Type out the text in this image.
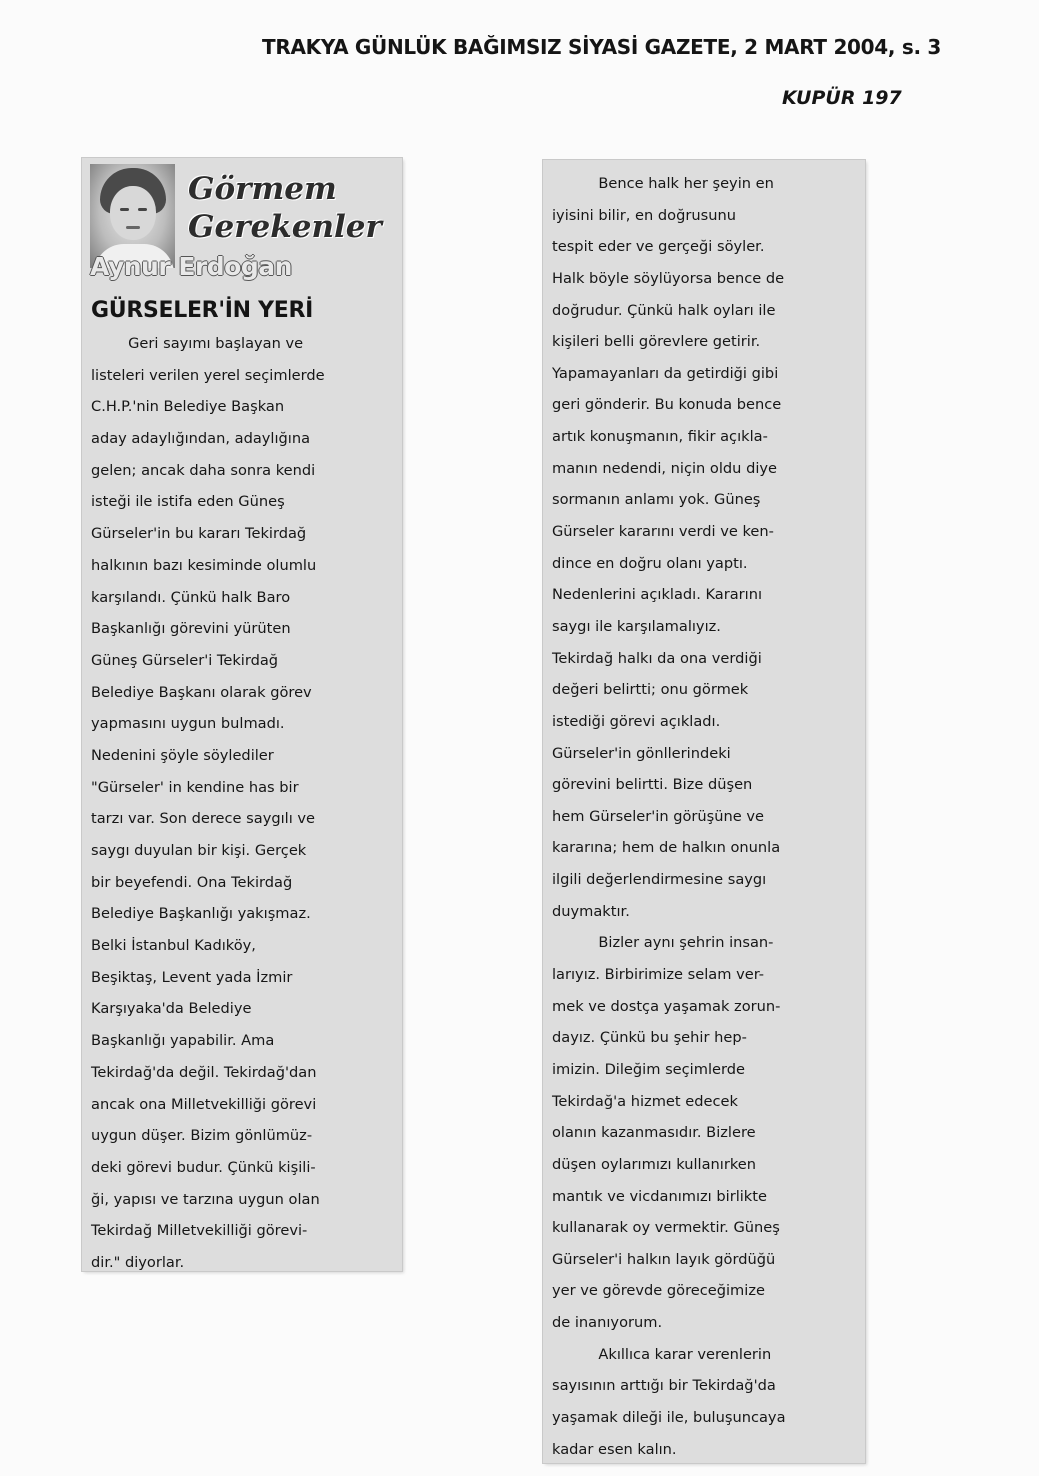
TRAKYA GÜNLÜK BAĞIMSIZ SİYASİ GAZETE, 2 MART 2004, s. 3
KUPÜR 197
Görmem
Gerekenler
Aynur Erdoğan
GÜRSELER'İN YERİ
Geri sayımı başlayan ve
listeleri verilen yerel seçimlerde
C.H.P.'nin Belediye Başkan
aday adaylığından, adaylığına
gelen; ancak daha sonra kendi
isteği ile istifa eden Güneş
Gürseler'in bu kararı Tekirdağ
halkının bazı kesiminde olumlu
karşılandı. Çünkü halk Baro
Başkanlığı görevini yürüten
Güneş Gürseler'i Tekirdağ
Belediye Başkanı olarak görev
yapmasını uygun bulmadı.
Nedenini şöyle söylediler
"Gürseler' in kendine has bir
tarzı var. Son derece saygılı ve
saygı duyulan bir kişi. Gerçek
bir beyefendi. Ona Tekirdağ
Belediye Başkanlığı yakışmaz.
Belki İstanbul Kadıköy,
Beşiktaş, Levent yada İzmir
Karşıyaka'da Belediye
Başkanlığı yapabilir. Ama
Tekirdağ'da değil. Tekirdağ'dan
ancak ona Milletvekilliği görevi
uygun düşer. Bizim gönlümüz-
deki görevi budur. Çünkü kişili-
ği, yapısı ve tarzına uygun olan
Tekirdağ Milletvekilliği görevi-
dir." diyorlar.
Bence halk her şeyin en
iyisini bilir, en doğrusunu
tespit eder ve gerçeği söyler.
Halk böyle söylüyorsa bence de
doğrudur. Çünkü halk oyları ile
kişileri belli görevlere getirir.
Yapamayanları da getirdiği gibi
geri gönderir. Bu konuda bence
artık konuşmanın, fikir açıkla-
manın nedendi, niçin oldu diye
sormanın anlamı yok. Güneş
Gürseler kararını verdi ve ken-
dince en doğru olanı yaptı.
Nedenlerini açıkladı. Kararını
saygı ile karşılamalıyız.
Tekirdağ halkı da ona verdiği
değeri belirtti; onu görmek
istediği görevi açıkladı.
Gürseler'in gönllerindeki
görevini belirtti. Bize düşen
hem Gürseler'in görüşüne ve
kararına; hem de halkın onunla
ilgili değerlendirmesine saygı
duymaktır.
Bizler aynı şehrin insan-
larıyız. Birbirimize selam ver-
mek ve dostça yaşamak zorun-
dayız. Çünkü bu şehir hep-
imizin. Dileğim seçimlerde
Tekirdağ'a hizmet edecek
olanın kazanmasıdır. Bizlere
düşen oylarımızı kullanırken
mantık ve vicdanımızı birlikte
kullanarak oy vermektir. Güneş
Gürseler'i halkın layık gördüğü
yer ve görevde göreceğimize
de inanıyorum.
Akıllıca karar verenlerin
sayısının arttığı bir Tekirdağ'da
yaşamak dileği ile, buluşuncaya
kadar esen kalın.
